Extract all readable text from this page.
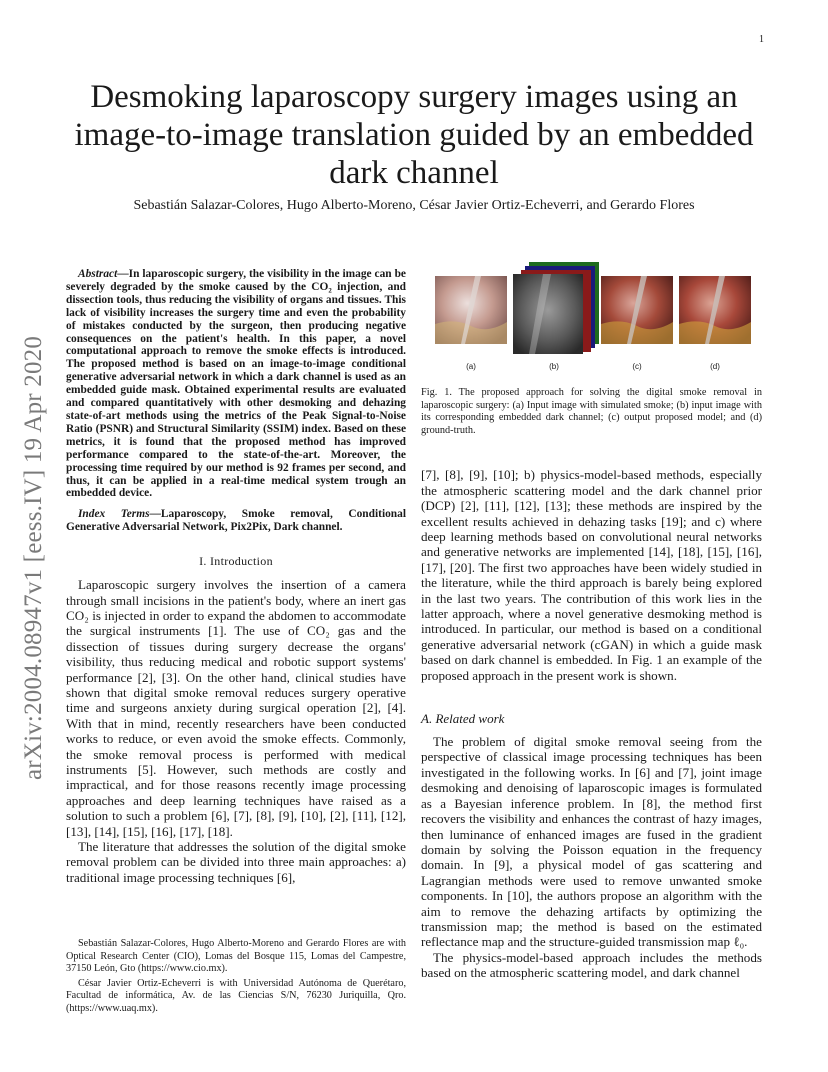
1
arXiv:2004.08947v1 [eess.IV] 19 Apr 2020
Desmoking laparoscopy surgery images using an image-to-image translation guided by an embedded dark channel
Sebastián Salazar-Colores, Hugo Alberto-Moreno, César Javier Ortiz-Echeverri, and Gerardo Flores

Abstract—In laparoscopic surgery, the visibility in the image can be severely degraded by the smoke caused by the CO₂ injection, and dissection tools, thus reducing the visibility of organs and tissues. This lack of visibility increases the surgery time and even the probability of mistakes conducted by the surgeon, then producing negative consequences on the patient's health. In this paper, a novel computational approach to remove the smoke effects is introduced. The proposed method is based on an image-to-image conditional generative adversarial network in which a dark channel is used as an embedded guide mask. Obtained experimental results are evaluated and compared quantitatively with other desmoking and dehazing state-of-art methods using the metrics of the Peak Signal-to-Noise Ratio (PSNR) and Structural Similarity (SSIM) index. Based on these metrics, it is found that the proposed method has improved performance compared to the state-of-the-art. Moreover, the processing time required by our method is 92 frames per second, and thus, it can be applied in a real-time medical system trough an embedded device.

Index Terms—Laparoscopy, Smoke removal, Conditional Generative Adversarial Network, Pix2Pix, Dark channel.

I. Introduction

Laparoscopic surgery involves the insertion of a camera through small incisions in the patient's body, where an inert gas CO₂ is injected in order to expand the abdomen to accommodate the surgical instruments [1]. The use of CO₂ gas and the dissection of tissues during surgery decrease the organs' visibility, thus reducing medical and robotic support systems' performance [2], [3]. On the other hand, clinical studies have shown that digital smoke removal reduces surgery operative time and surgeons anxiety during surgical operation [2], [4]. With that in mind, recently researchers have been conducted works to reduce, or even avoid the smoke effects. Commonly, the smoke removal process is performed with medical instruments [5]. However, such methods are costly and impractical, and for those reasons recently image processing approaches and deep learning techniques have raised as a solution to such a problem [6], [7], [8], [9], [10], [2], [11], [12], [13], [14], [15], [16], [17], [18].

The literature that addresses the solution of the digital smoke removal problem can be divided into three main approaches: a) traditional image processing techniques [6],

Sebastián Salazar-Colores, Hugo Alberto-Moreno and Gerardo Flores are with Optical Research Center (CIO), Lomas del Bosque 115, Lomas del Campestre, 37150 León, Gto (https://www.cio.mx).

César Javier Ortiz-Echeverri is with Universidad Autónoma de Querétaro, Facultad de informática, Av. de las Ciencias S/N, 76230 Juriquilla, Qro. (https://www.uaq.mx).

(a)	(b)	(c)	(d)

Fig. 1. The proposed approach for solving the digital smoke removal in laparoscopic surgery: (a) Input image with simulated smoke; (b) input image with its corresponding embedded dark channel; (c) output proposed model; and (d) ground-truth.

[7], [8], [9], [10]; b) physics-model-based methods, especially the atmospheric scattering model and the dark channel prior (DCP) [2], [11], [12], [13]; these methods are inspired by the excellent results achieved in dehazing tasks [19]; and c) where deep learning methods based on convolutional neural networks and generative networks are implemented [14], [18], [15], [16], [17], [20]. The first two approaches have been widely studied in the literature, while the third approach is barely being explored in the last two years. The contribution of this work lies in the latter approach, where a novel generative desmoking method is introduced. In particular, our method is based on a conditional generative adversarial network (cGAN) in which a guide mask based on dark channel is embedded. In Fig. 1 an example of the proposed approach in the present work is shown.

A. Related work

The problem of digital smoke removal seeing from the perspective of classical image processing techniques has been investigated in the following works. In [6] and [7], joint image desmoking and denoising of laparoscopic images is formulated as a Bayesian inference problem. In [8], the method first recovers the visibility and enhances the contrast of hazy images, then luminance of enhanced images are fused in the gradient domain by solving the Poisson equation in the frequency domain. In [9], a physical model of gas scattering and Lagrangian methods were used to remove unwanted smoke components. In [10], the authors propose an algorithm with the aim to remove the dehazing artifacts by optimizing the transmission map; the method is based on the estimated reflectance map and the structure-guided transmission map ℓ₀.

The physics-model-based approach includes the methods based on the atmospheric scattering model, and dark channel
